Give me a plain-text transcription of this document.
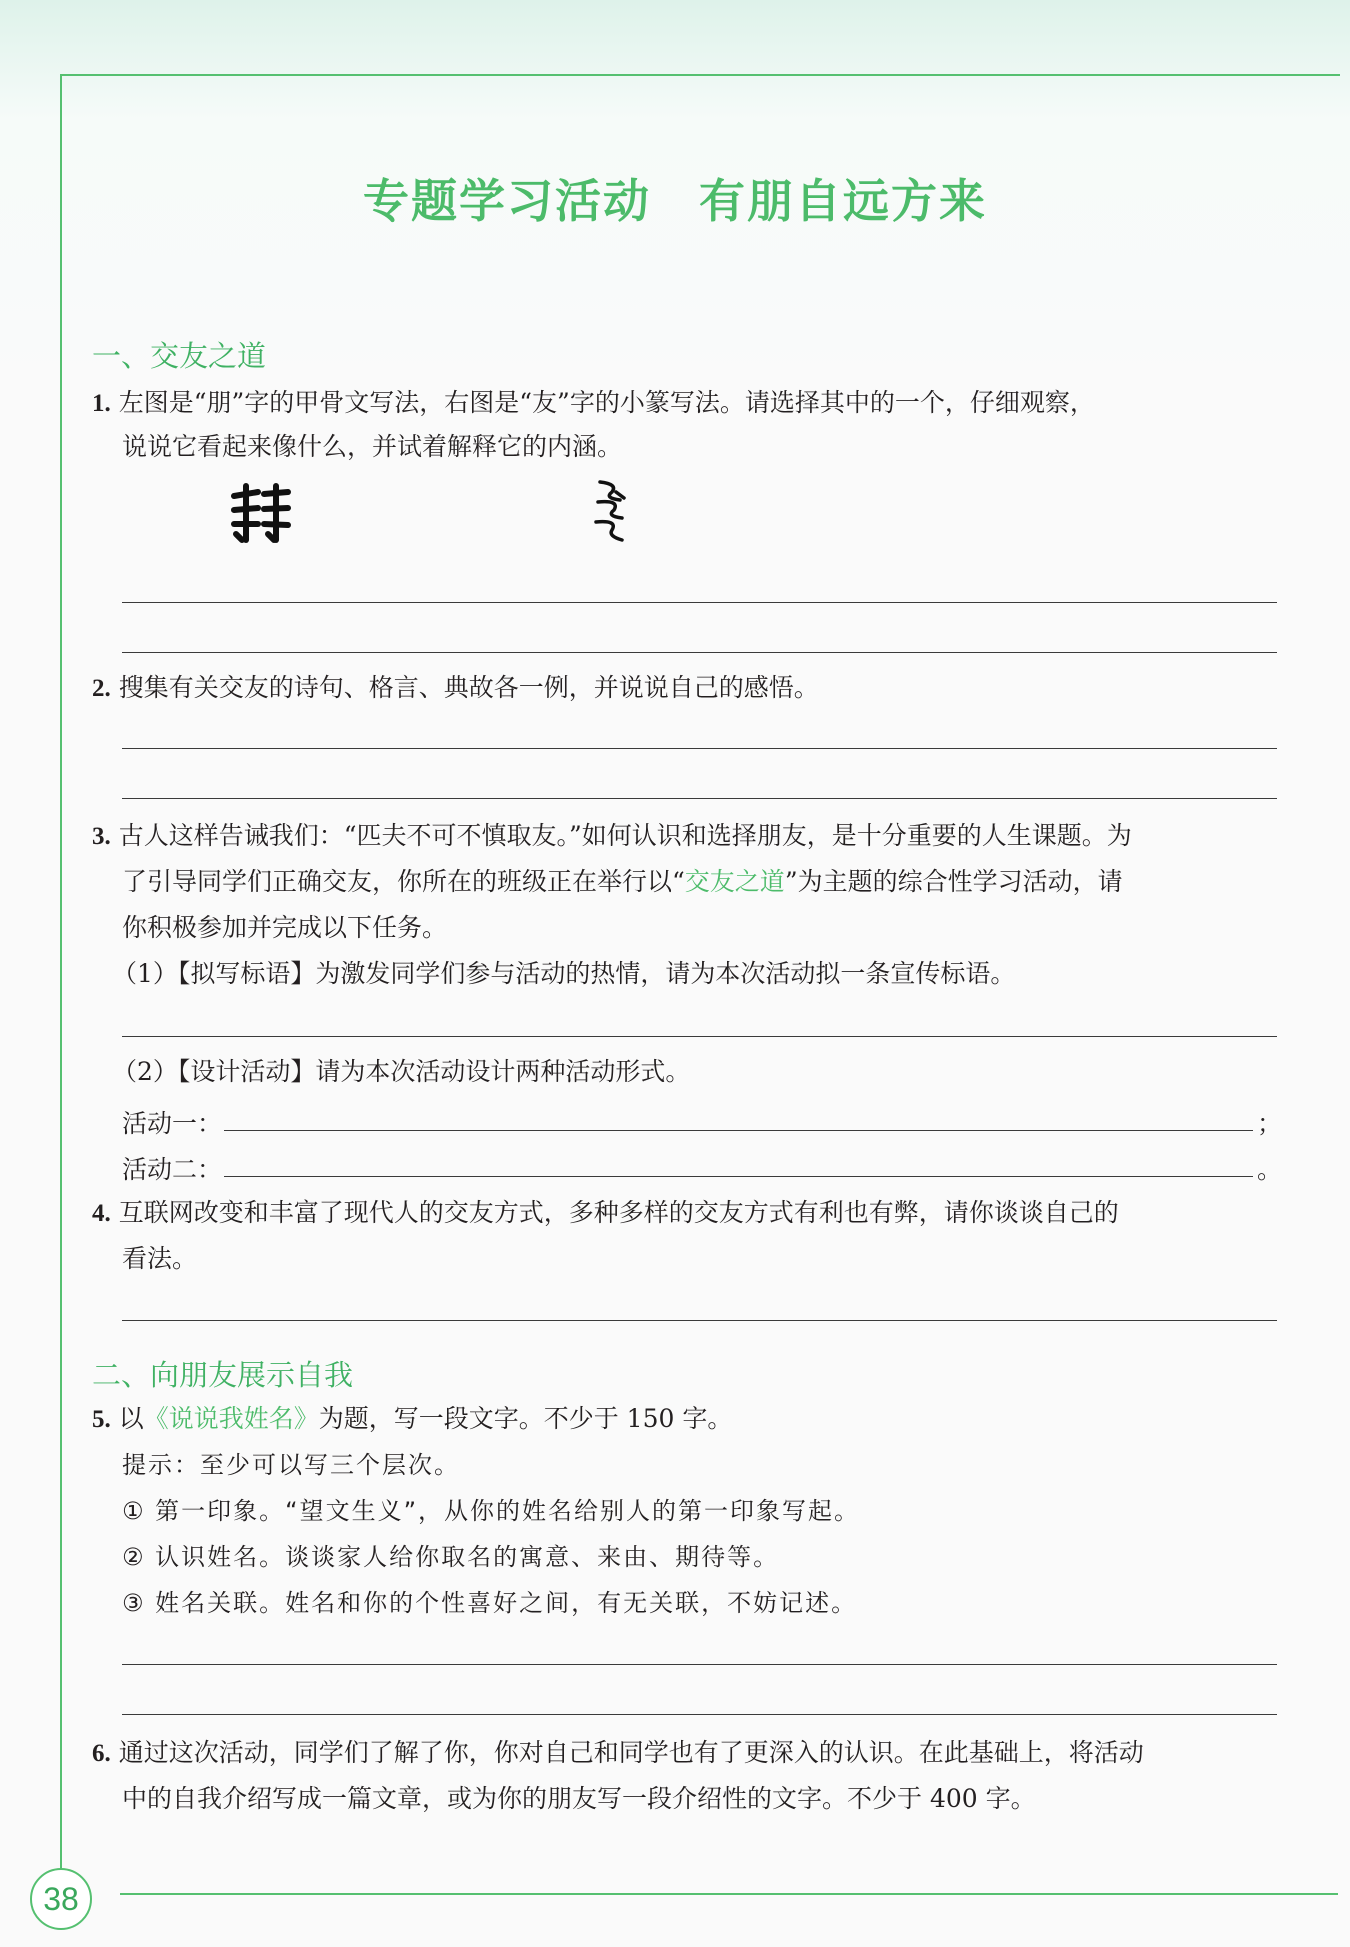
38
专题学习活动　有朋自远方来
一、交友之道
1. 左图是“朋”字的甲骨文写法，右图是“友”字的小篆写法。请选择其中的一个，仔细观察，
说说它看起来像什么，并试着解释它的内涵。
2. 搜集有关交友的诗句、格言、典故各一例，并说说自己的感悟。
3. 古人这样告诫我们：“匹夫不可不慎取友。”如何认识和选择朋友，是十分重要的人生课题。为
了引导同学们正确交友，你所在的班级正在举行以“交友之道”为主题的综合性学习活动，请
你积极参加并完成以下任务。
（1）【拟写标语】为激发同学们参与活动的热情，请为本次活动拟一条宣传标语。
（2）【设计活动】请为本次活动设计两种活动形式。
活动一：	；
活动二：	。
4. 互联网改变和丰富了现代人的交友方式，多种多样的交友方式有利也有弊，请你谈谈自己的
看法。
二、向朋友展示自我
5. 以《说说我姓名》为题，写一段文字。不少于 150 字。
提示：至少可以写三个层次。
① 第一印象。“望文生义”，从你的姓名给别人的第一印象写起。
② 认识姓名。谈谈家人给你取名的寓意、来由、期待等。
③ 姓名关联。姓名和你的个性喜好之间，有无关联，不妨记述。
6. 通过这次活动，同学们了解了你，你对自己和同学也有了更深入的认识。在此基础上，将活动
中的自我介绍写成一篇文章，或为你的朋友写一段介绍性的文字。不少于 400 字。
